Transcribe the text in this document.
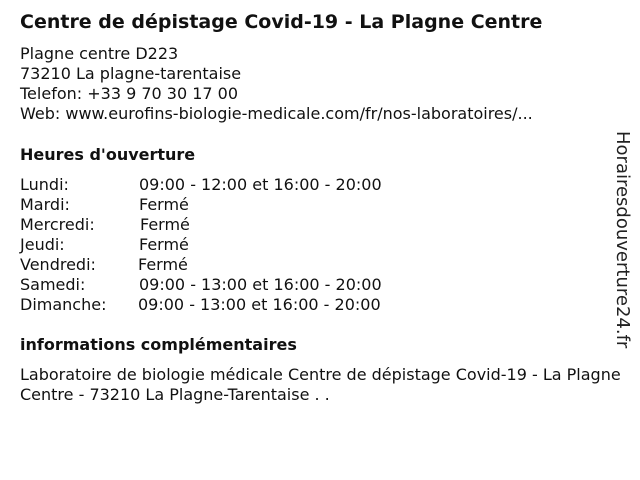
Centre de dépistage Covid-19 - La Plagne Centre
Plagne centre D223
73210 La plagne-tarentaise
Telefon: +33 9 70 30 17 00
Web: www.eurofins-biologie-medicale.com/fr/nos-laboratoires/...
Heures d'ouverture
Lundi:	09:00 - 12:00 et 16:00 - 20:00
Mardi:	Fermé
Mercredi:	Fermé
Jeudi:	Fermé
Vendredi:	Fermé
Samedi:	09:00 - 13:00 et 16:00 - 20:00
Dimanche: 09:00 - 13:00 et 16:00 - 20:00
informations complémentaires
Laboratoire de biologie médicale Centre de dépistage Covid-19 - La Plagne Centre - 73210 La Plagne-Tarentaise . .
Horairesdouverture24.fr
